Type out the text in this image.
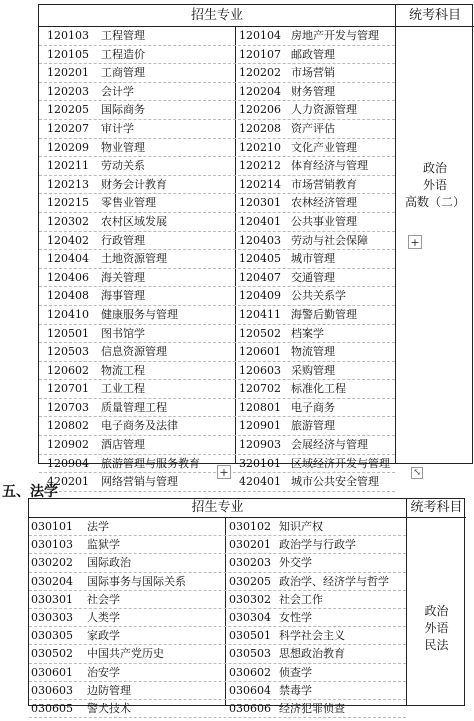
招生专业	统考科目
120103 工程管理	120104 房地产开发与管理
120105 工程造价	120107 邮政管理
120201 工商管理	120202 市场营销
120203 会计学	120204 财务管理
120205 国际商务	120206 人力资源管理
120207 审计学	120208 资产评估
120209 物业管理	120210 文化产业管理
120211 劳动关系	120212 体育经济与管理
120213 财务会计教育	120214 市场营销教育
120215 零售业管理	120301 农林经济管理
120302 农村区域发展	120401 公共事业管理
120402 行政管理	120403 劳动与社会保障
120404 土地资源管理	120405 城市管理
120406 海关管理	120407 交通管理
120408 海事管理	120409 公共关系学
120410 健康服务与管理	120411 海警后勤管理
120501 图书馆学	120502 档案学
120503 信息资源管理	120601 物流管理
120602 物流工程	120603 采购管理
120701 工业工程	120702 标准化工程
120703 质量管理工程	120801 电子商务
120802 电子商务及法律	120901 旅游管理
120902 酒店管理	120903 会展经济与管理
120904 旅游管理与服务教育	320101 区域经济开发与管理
420201 网络营销与管理	420401 城市公共安全管理
政治
外语
高数（二）
+
+	⤡
五、法学
招生专业	统考科目
030101 法学	030102 知识产权
030103 监狱学	030201 政治学与行政学
030202 国际政治	030203 外交学
030204 国际事务与国际关系	030205 政治学、经济学与哲学
030301 社会学	030302 社会工作
030303 人类学	030304 女性学
030305 家政学	030501 科学社会主义
030502 中国共产党历史	030503 思想政治教育
030601 治安学	030602 侦查学
030603 边防管理	030604 禁毒学
030605 警犬技术	030606 经济犯罪侦查
政治
外语
民法
